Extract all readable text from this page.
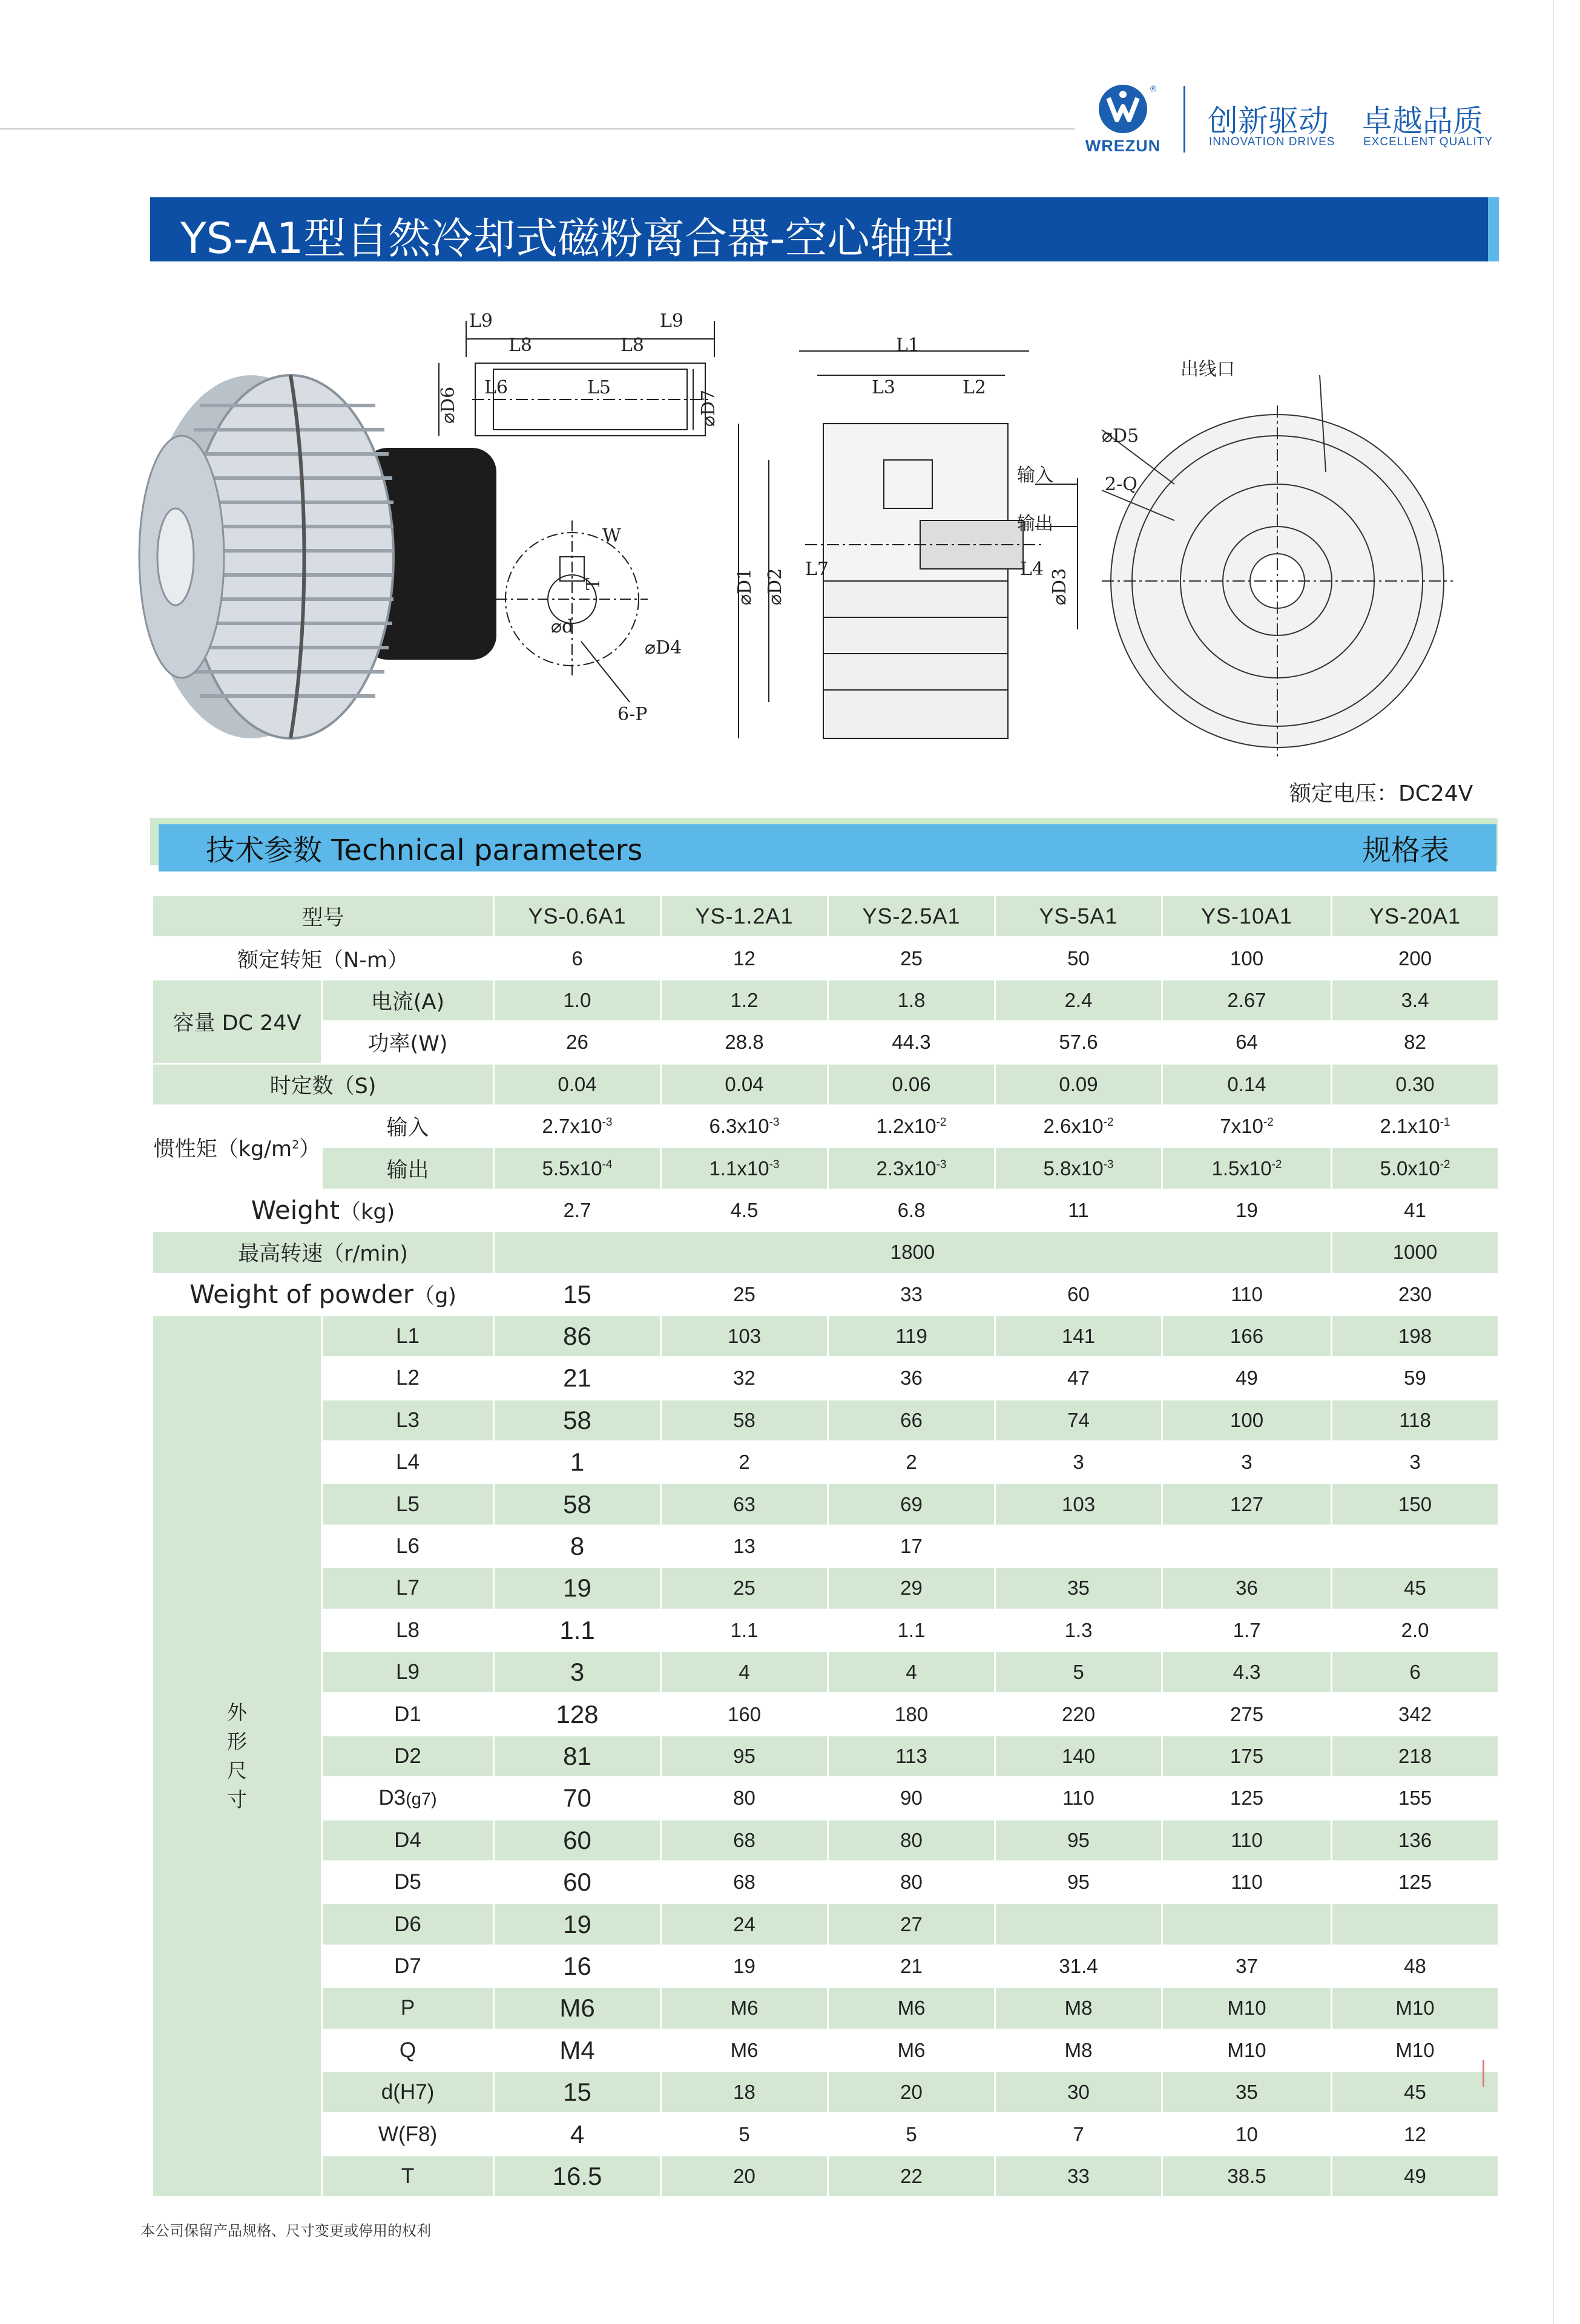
®
WREZUN
创新驱动
INNOVATION DRIVES
卓越品质
EXCELLENT QUALITY
YS-A1型自然冷却式磁粉离合器-空心轴型
L9	L9
L8	L8
L6	L5
⌀D6	⌀D7
W
T
⌀d
⌀D4
6-P
L1
L3	L2
L7	L4
⌀D1 ⌀D2	⌀D3
输入
输出
出线口
⌀D5
2-Q
额定电压：DC24V
技术参数 Technical parameters	规格表
型号		YS-0.6A1	YS-1.2A1	YS-2.5A1	YS-5A1	YS-10A1	YS-20A1
额定转矩（N-m）		6	12	25	50	100	200
容量 DC 24V	电流(A)	1.0	1.2	1.8	2.4	2.67	3.4
	功率(W)	26	28.8	44.3	57.6	64	82
时定数（S)		0.04	0.04	0.06	0.09	0.14	0.30
惯性矩$(kg/m^2)$	输入	$2.7x10^{-3}$	$6.3x10^{-3}$	$1.2x10^{-2}$	$2.6x10^{-2}$	$7x10^{-2}$	$2.1x10^{-1}$
	输出	$5.5x10^{-4}$	$1.1x10^{-3}$	$2.3x10^{-3}$	$5.8x10^{-3}$	$1.5x10^{-2}$	$5.0x10^{-2}$
Weight（kg)		2.7	4.5	6.8	11	19	41
最高转速（r/min)		1800					1000
Weight of powder（g)		15	25	33	60	110	230

外
形
尺
寸	L1	86	103	119	141	166	198
	L2	21	32	36	47	49	59
	L3	58	58	66	74	100	118
	L4	1	2	2	3	3	3
	L5	58	63	69	103	127	150
	L6	8	13	17			
	L7	19	25	29	35	36	45
	L8	1.1	1.1	1.1	1.3	1.7	2.0
	L9	3	4	4	5	4.3	6
	D1	128	160	180	220	275	342
	D2	81	95	113	140	175	218
	D3(g7)	70	80	90	110	125	155
	D4	60	68	80	95	110	136
	D5	60	68	80	95	110	125
	D6	19	24	27			
	D7	16	19	21	31.4	37	48
	P	M6	M6	M6	M8	M10	M10
	Q	M4	M6	M6	M8	M10	M10
	d(H7)	15	18	20	30	35	45
	W(F8)	4	5	5	7	10	12
	T	16.5	20	22	33	38.5	49
本公司保留产品规格、尺寸变更或停用的权利
